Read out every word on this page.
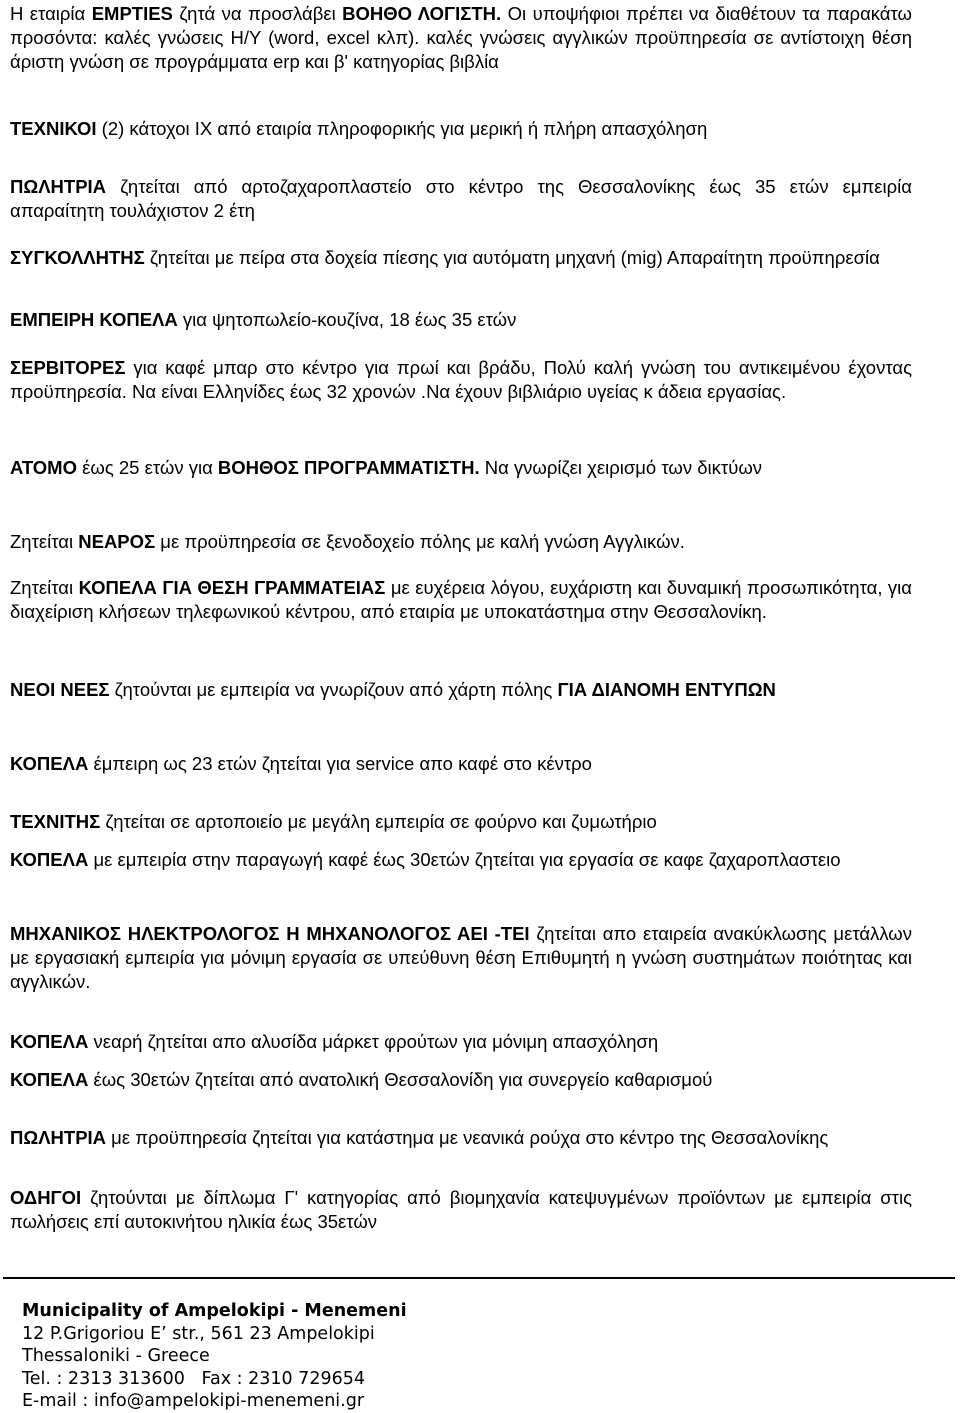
Η εταιρία EMPTIES ζητά να προσλάβει ΒΟΗΘΟ ΛΟΓΙΣΤΗ. Οι υποψήφιοι πρέπει να διαθέτουν τα παρακάτω προσόντα: καλές γνώσεις Η/Υ (word, excel κλπ). καλές γνώσεις αγγλικών προϋπηρεσία σε αντίστοιχη θέση άριστη γνώση σε προγράμματα erp και β' κατηγορίας βιβλία

ΤΕΧΝΙΚΟΙ (2) κάτοχοι ΙΧ από εταιρία πληροφορικής για μερική ή πλήρη απασχόληση

ΠΩΛΗΤΡΙΑ ζητείται από αρτοζαχαροπλαστείο στο κέντρο της Θεσσαλονίκης έως 35 ετών εμπειρία απαραίτητη τουλάχιστον 2 έτη

ΣΥΓΚΟΛΛΗΤΗΣ ζητείται με πείρα στα δοχεία πίεσης για αυτόματη μηχανή (mig) Απαραίτητη προϋπηρεσία

ΕΜΠΕΙΡΗ ΚΟΠΕΛΑ για ψητοπωλείο-κουζίνα, 18 έως 35 ετών

ΣΕΡΒΙΤΟΡΕΣ για καφέ μπαρ στο κέντρο για πρωί και βράδυ, Πολύ καλή γνώση του αντικειμένου έχοντας προϋπηρεσία. Να είναι Ελληνίδες έως 32 χρονών .Να έχουν βιβλιάριο υγείας κ άδεια εργασίας.

ΑΤΟΜΟ έως 25 ετών για ΒΟΗΘΟΣ ΠΡΟΓΡΑΜΜΑΤΙΣΤΗ. Να γνωρίζει χειρισμό των δικτύων

Ζητείται ΝΕΑΡΟΣ με προϋπηρεσία σε ξενοδοχείο πόλης με καλή γνώση Αγγλικών.

Ζητείται ΚΟΠΕΛΑ ΓΙΑ ΘΕΣΗ ΓΡΑΜΜΑΤΕΙΑΣ με ευχέρεια λόγου, ευχάριστη και δυναμική προσωπικότητα, για διαχείριση κλήσεων τηλεφωνικού κέντρου, από εταιρία με υποκατάστημα στην Θεσσαλονίκη.

ΝΕΟΙ ΝΕΕΣ ζητούνται με εμπειρία να γνωρίζουν από χάρτη πόλης ΓΙΑ ΔΙΑΝΟΜΗ ΕΝΤΥΠΩΝ

ΚΟΠΕΛΑ έμπειρη ως 23 ετών ζητείται για service απο καφέ στο κέντρο

ΤΕΧΝΙΤΗΣ ζητείται σε αρτοποιείο με μεγάλη εμπειρία σε φούρνο και ζυμωτήριο

ΚΟΠΕΛΑ με εμπειρία στην παραγωγή καφέ έως 30ετών ζητείται για εργασία σε καφε ζαχαροπλαστειο

ΜΗΧΑΝΙΚΟΣ ΗΛΕΚΤΡΟΛΟΓΟΣ Η ΜΗΧΑΝΟΛΟΓΟΣ ΑΕΙ -ΤΕΙ ζητείται απο εταιρεία ανακύκλωσης μετάλλων με εργασιακή εμπειρία για μόνιμη εργασία σε υπεύθυνη θέση Επιθυμητή η γνώση συστημάτων ποιότητας και αγγλικών.

ΚΟΠΕΛΑ νεαρή ζητείται απο αλυσίδα μάρκετ φρούτων για μόνιμη απασχόληση

ΚΟΠΕΛΑ έως 30ετών ζητείται από ανατολική Θεσσαλονίδη για συνεργείο καθαρισμού

ΠΩΛΗΤΡΙΑ με προϋπηρεσία ζητείται για κατάστημα με νεανικά ρούχα στο κέντρο της Θεσσαλονίκης

ΟΔΗΓΟΙ ζητούνται με δίπλωμα Γ' κατηγορίας από βιομηχανία κατεψυγμένων προϊόντων με εμπειρία στις πωλήσεις επί αυτοκινήτου ηλικία έως 35ετών

Municipality of Ampelokipi - Menemeni
12 P.Grigoriou E’ str., 561 23 Ampelokipi
Thessaloniki - Greece
Tel. : 2313 313600   Fax : 2310 729654
E-mail : info@ampelokipi-menemeni.gr
